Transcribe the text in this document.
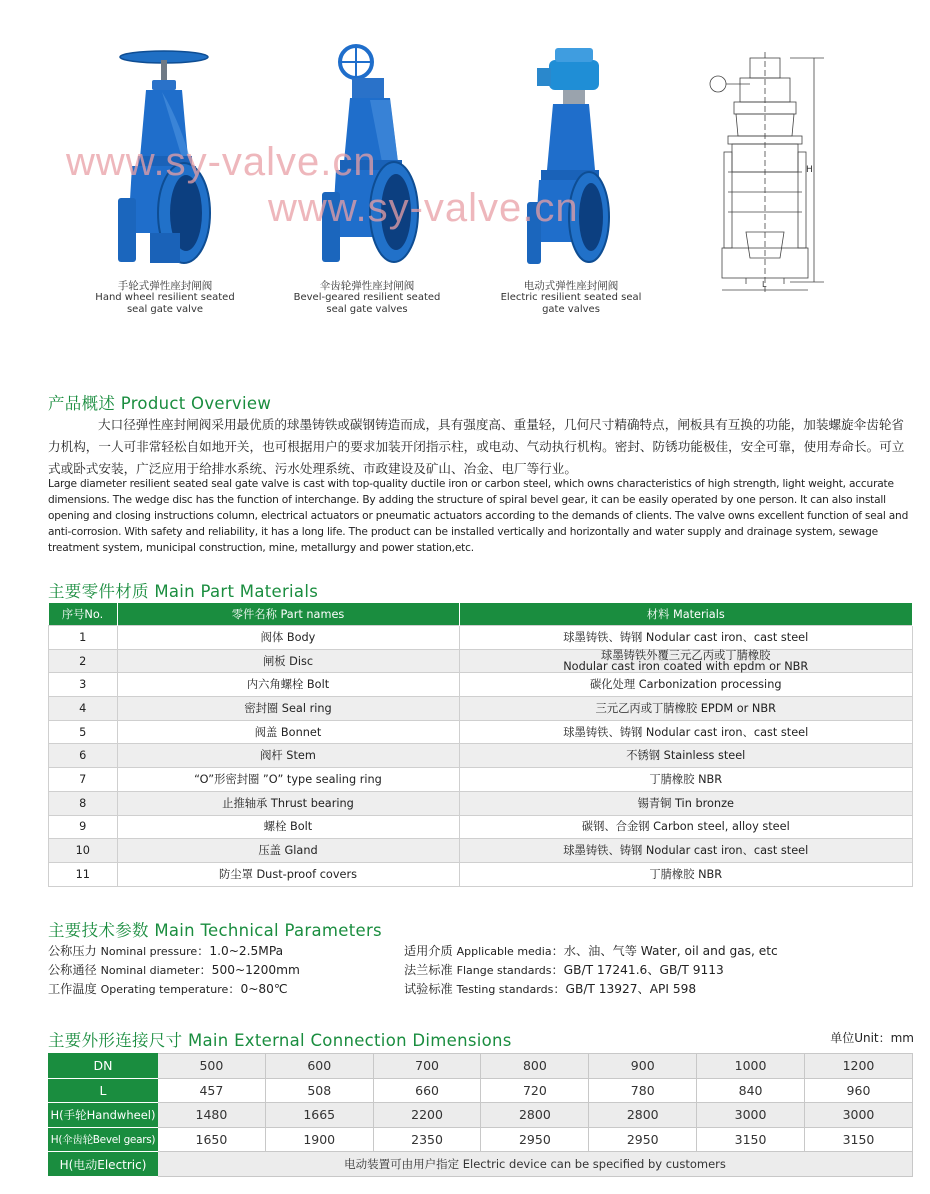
H
L
www.sy-valve.cn
www.sy-valve.cn
手轮式弹性座封闸阀
Hand wheel resilient seated
seal gate valve
伞齿轮弹性座封闸阀
Bevel-geared resilient seated
seal gate valves
电动式弹性座封闸阀
Electric resilient seated seal
gate valves
产品概述 Product Overview
大口径弹性座封闸阀采用最优质的球墨铸铁或碳钢铸造而成，具有强度高、重量轻，几何尺寸精确特点，闸板具有互换的功能，加装螺旋伞齿轮省力机构，一人可非常轻松自如地开关，也可根据用户的要求加装开闭指示柱，或电动、气动执行机构。密封、防锈功能极佳，安全可靠，使用寿命长。可立式或卧式安装，广泛应用于给排水系统、污水处理系统、市政建设及矿山、冶金、电厂等行业。
Large diameter resilient seated seal gate valve is cast with top-quality ductile iron or carbon steel, which owns characteristics of high strength, light weight, accurate dimensions. The wedge disc has the function of interchange. By adding the structure of spiral bevel gear, it can be easily operated by one person. It can also install opening and closing instructions column, electrical actuators or pneumatic actuators according to the demands of clients. The valve owns excellent function of seal and anti-corrosion. With safety and reliability, it has a long life. The product can be installed vertically and horizontally and water supply and drainage system, sewage treatment system, municipal construction, mine, metallurgy and power station,etc.
主要零件材质 Main Part Materials
序号No.	零件名称 Part names	材料 Materials
1	阀体 Body	球墨铸铁、铸钢 Nodular cast iron、cast steel
2	闸板 Disc	球墨铸铁外覆三元乙丙或丁腈橡胶
Nodular cast iron coated with epdm or NBR

3	内六角螺栓 Bolt	碳化处理 Carbonization processing
4	密封圈 Seal ring	三元乙丙或丁腈橡胶 EPDM or NBR
5	阀盖 Bonnet	球墨铸铁、铸钢 Nodular cast iron、cast steel
6	阀杆 Stem	不锈钢 Stainless steel
7	“O”形密封圈 ”O” type sealing ring	丁腈橡胶 NBR
8	止推轴承 Thrust bearing	锡青铜 Tin bronze
9	螺栓 Bolt	碳钢、合金钢 Carbon steel, alloy steel
10	压盖 Gland	球墨铸铁、铸钢 Nodular cast iron、cast steel
11	防尘罩 Dust-proof covers	丁腈橡胶 NBR
主要技术参数 Main Technical Parameters
公称压力 Nominal pressure：1.0~2.5MPa
公称通径 Nominal diameter：500~1200mm
工作温度 Operating temperature：0~80℃
适用介质 Applicable media：水、油、气等 Water, oil and gas, etc
法兰标准 Flange standards：GB/T 17241.6、GB/T 9113
试验标准 Testing standards：GB/T 13927、API 598
主要外形连接尺寸 Main External Connection Dimensions	单位Unit：mm
DN	500	600	700	800	900	1000	1200
L	457	508	660	720	780	840	960
H(手轮Handwheel)	1480	1665	2200	2800	2800	3000	3000
H(伞齿轮Bevel gears)	1650	1900	2350	2950	2950	3150	3150
H(电动Electric)	电动装置可由用户指定 Electric device can be specified by customers						
